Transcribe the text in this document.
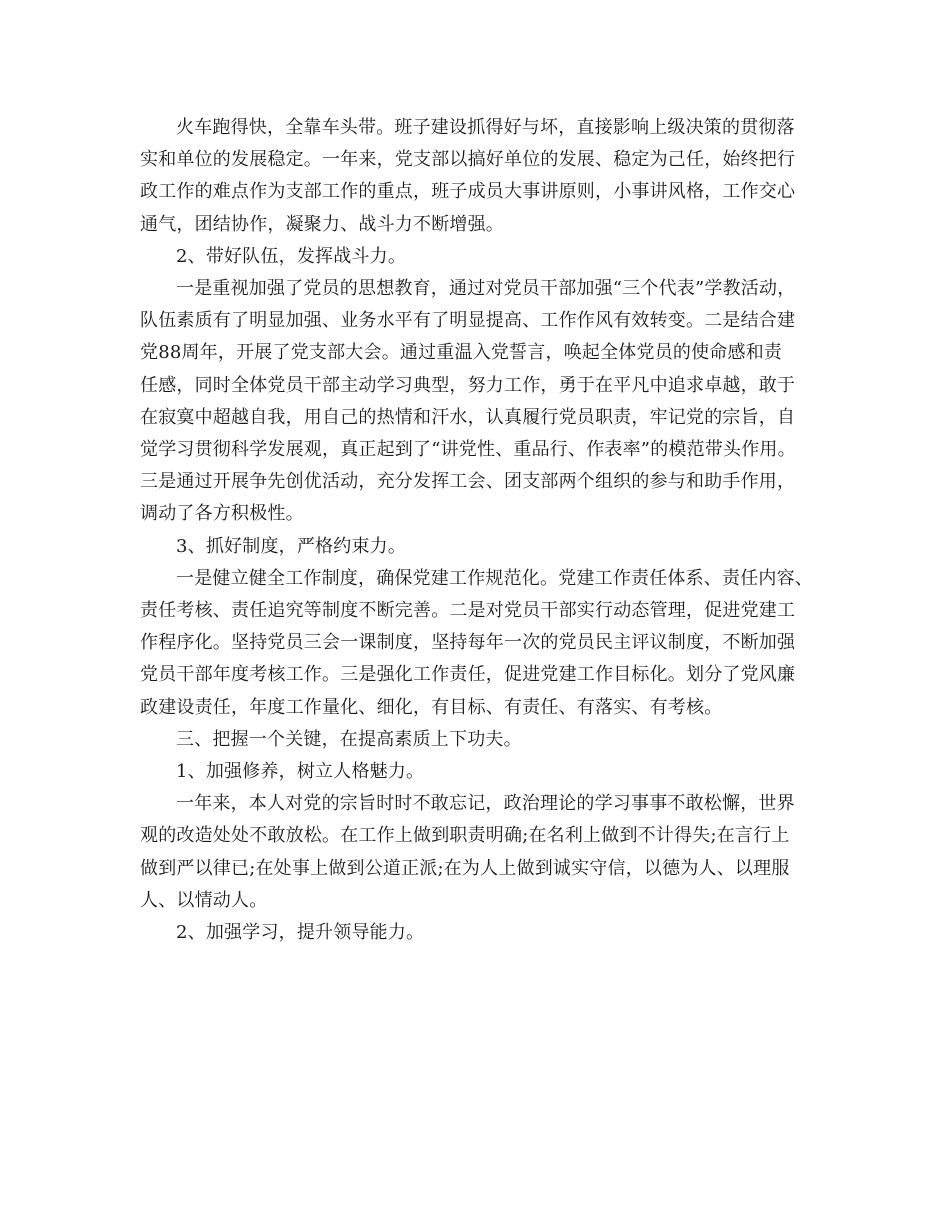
火车跑得快，全靠车头带。班子建设抓得好与坏，直接影响上级决策的贯彻落
实和单位的发展稳定。一年来，党支部以搞好单位的发展、稳定为己任，始终把行
政工作的难点作为支部工作的重点，班子成员大事讲原则，小事讲风格，工作交心
通气，团结协作，凝聚力、战斗力不断增强。

2、带好队伍，发挥战斗力。

一是重视加强了党员的思想教育，通过对党员干部加强“三个代表”学教活动，
队伍素质有了明显加强、业务水平有了明显提高、工作作风有效转变。二是结合建
党88周年，开展了党支部大会。通过重温入党誓言，唤起全体党员的使命感和责
任感，同时全体党员干部主动学习典型，努力工作，勇于在平凡中追求卓越，敢于
在寂寞中超越自我，用自己的热情和汗水，认真履行党员职责，牢记党的宗旨，自
觉学习贯彻科学发展观，真正起到了“讲党性、重品行、作表率”的模范带头作用。
三是通过开展争先创优活动，充分发挥工会、团支部两个组织的参与和助手作用，
调动了各方积极性。

3、抓好制度，严格约束力。

一是健立健全工作制度，确保党建工作规范化。党建工作责任体系、责任内容、
责任考核、责任追究等制度不断完善。二是对党员干部实行动态管理，促进党建工
作程序化。坚持党员三会一课制度，坚持每年一次的党员民主评议制度，不断加强
党员干部年度考核工作。三是强化工作责任，促进党建工作目标化。划分了党风廉
政建设责任，年度工作量化、细化，有目标、有责任、有落实、有考核。

三、把握一个关键，在提高素质上下功夫。

1、加强修养，树立人格魅力。

一年来，本人对党的宗旨时时不敢忘记，政治理论的学习事事不敢松懈，世界
观的改造处处不敢放松。在工作上做到职责明确;在名利上做到不计得失;在言行上
做到严以律已;在处事上做到公道正派;在为人上做到诚实守信，以德为人、以理服
人、以情动人。

2、加强学习，提升领导能力。
